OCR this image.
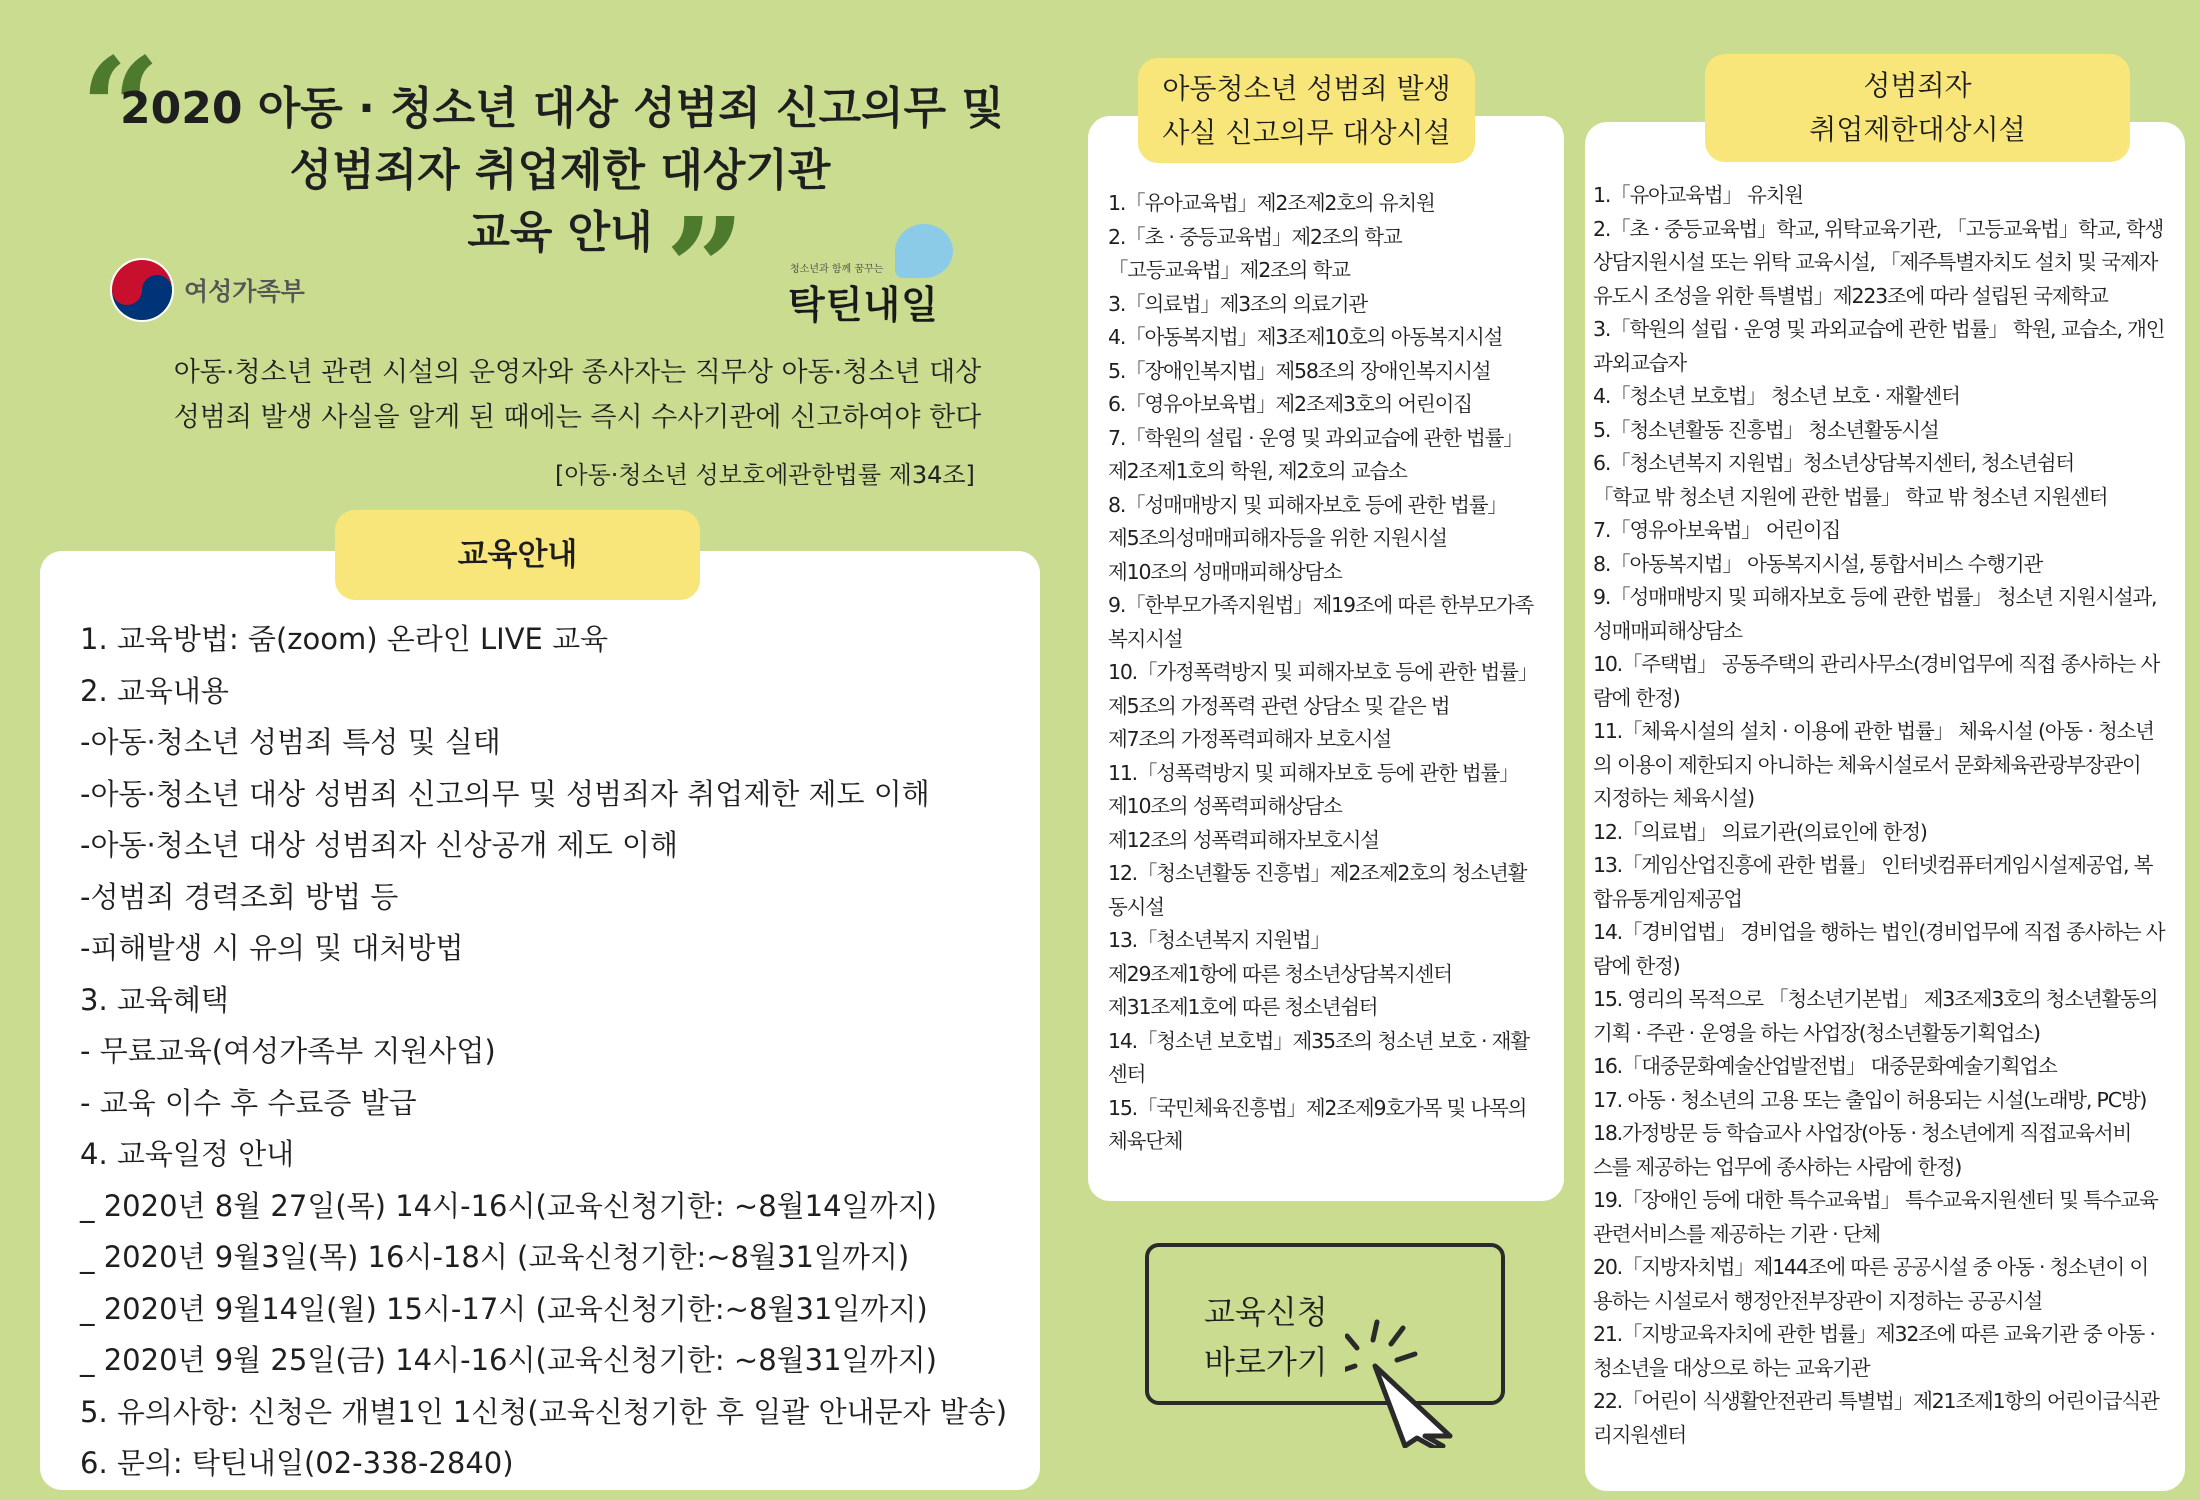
“
2020 아동 · 청소년 대상 성범죄 신고의무 및
성범죄자 취업제한 대상기관
교육 안내 ”
여성가족부
청소년과 함께 꿈꾸는
탁틴내일
아동·청소년 관련 시설의 운영자와 종사자는 직무상 아동·청소년 대상
성범죄 발생 사실을 알게 된 때에는 즉시 수사기관에 신고하여야 한다
[아동·청소년 성보호에관한법률 제34조]
교육안내
1. 교육방법: 줌(zoom) 온라인 LIVE 교육
2. 교육내용
-아동·청소년 성범죄 특성 및 실태
-아동·청소년 대상 성범죄 신고의무 및 성범죄자 취업제한 제도 이해
-아동·청소년 대상 성범죄자 신상공개 제도 이해
-성범죄 경력조회 방법 등
-피해발생 시 유의 및 대처방법
3. 교육혜택
- 무료교육(여성가족부 지원사업)
- 교육 이수 후 수료증 발급
4. 교육일정 안내
_ 2020년 8월 27일(목) 14시-16시(교육신청기한: ~8월14일까지)
_ 2020년 9월3일(목) 16시-18시 (교육신청기한:~8월31일까지)
_ 2020년 9월14일(월) 15시-17시 (교육신청기한:~8월31일까지)
_ 2020년 9월 25일(금) 14시-16시(교육신청기한: ~8월31일까지)
5. 유의사항: 신청은 개별1인 1신청(교육신청기한 후 일괄 안내문자 발송)
6. 문의: 탁틴내일(02-338-2840)
아동청소년 성범죄 발생
사실 신고의무 대상시설
1.「유아교육법」제2조제2호의 유치원
2.「초 · 중등교육법」제2조의 학교
「고등교육법」제2조의 학교
3.「의료법」제3조의 의료기관
4.「아동복지법」제3조제10호의 아동복지시설
5.「장애인복지법」제58조의 장애인복지시설
6.「영유아보육법」제2조제3호의 어린이집
7.「학원의 설립 · 운영 및 과외교습에 관한 법률」
제2조제1호의 학원, 제2호의 교습소
8.「성매매방지 및 피해자보호 등에 관한 법률」
제5조의성매매피해자등을 위한 지원시설
제10조의 성매매피해상담소
9.「한부모가족지원법」제19조에 따른 한부모가족
복지시설
10.「가정폭력방지 및 피해자보호 등에 관한 법률」
제5조의 가정폭력 관련 상담소 및 같은 법
제7조의 가정폭력피해자 보호시설
11.「성폭력방지 및 피해자보호 등에 관한 법률」
제10조의 성폭력피해상담소
제12조의 성폭력피해자보호시설
12.「청소년활동 진흥법」제2조제2호의 청소년활
동시설
13.「청소년복지 지원법」
제29조제1항에 따른 청소년상담복지센터
제31조제1호에 따른 청소년쉼터
14.「청소년 보호법」제35조의 청소년 보호 · 재활
센터
15.「국민체육진흥법」제2조제9호가목 및 나목의
체육단체
교육신청
바로가기
성범죄자
취업제한대상시설
1.「유아교육법」 유치원
2.「초 · 중등교육법」학교, 위탁교육기관, 「고등교육법」학교, 학생
상담지원시설 또는 위탁 교육시설, 「제주특별자치도 설치 및 국제자
유도시 조성을 위한 특별법」제223조에 따라 설립된 국제학교
3.「학원의 설립 · 운영 및 과외교습에 관한 법률」 학원, 교습소, 개인
과외교습자
4.「청소년 보호법」 청소년 보호 · 재활센터
5.「청소년활동 진흥법」 청소년활동시설
6.「청소년복지 지원법」청소년상담복지센터, 청소년쉼터
「학교 밖 청소년 지원에 관한 법률」 학교 밖 청소년 지원센터
7.「영유아보육법」 어린이집
8.「아동복지법」 아동복지시설, 통합서비스 수행기관
9.「성매매방지 및 피해자보호 등에 관한 법률」 청소년 지원시설과,
성매매피해상담소
10.「주택법」 공동주택의 관리사무소(경비업무에 직접 종사하는 사
람에 한정)
11.「체육시설의 설치 · 이용에 관한 법률」 체육시설 (아동 · 청소년
의 이용이 제한되지 아니하는 체육시설로서 문화체육관광부장관이
지정하는 체육시설)
12.「의료법」 의료기관(의료인에 한정)
13.「게임산업진흥에 관한 법률」 인터넷컴퓨터게임시설제공업, 복
합유통게임제공업
14.「경비업법」 경비업을 행하는 법인(경비업무에 직접 종사하는 사
람에 한정)
15. 영리의 목적으로 「청소년기본법」 제3조제3호의 청소년활동의
기획 · 주관 · 운영을 하는 사업장(청소년활동기획업소)
16.「대중문화예술산업발전법」 대중문화예술기획업소
17. 아동 · 청소년의 고용 또는 출입이 허용되는 시설(노래방, PC방)
18.가정방문 등 학습교사 사업장(아동 · 청소년에게 직접교육서비
스를 제공하는 업무에 종사하는 사람에 한정)
19.「장애인 등에 대한 특수교육법」 특수교육지원센터 및 특수교육
관련서비스를 제공하는 기관 · 단체
20.「지방자치법」제144조에 따른 공공시설 중 아동 · 청소년이 이
용하는 시설로서 행정안전부장관이 지정하는 공공시설
21.「지방교육자치에 관한 법률」제32조에 따른 교육기관 중 아동 ·
청소년을 대상으로 하는 교육기관
22.「어린이 식생활안전관리 특별법」제21조제1항의 어린이급식관
리지원센터
